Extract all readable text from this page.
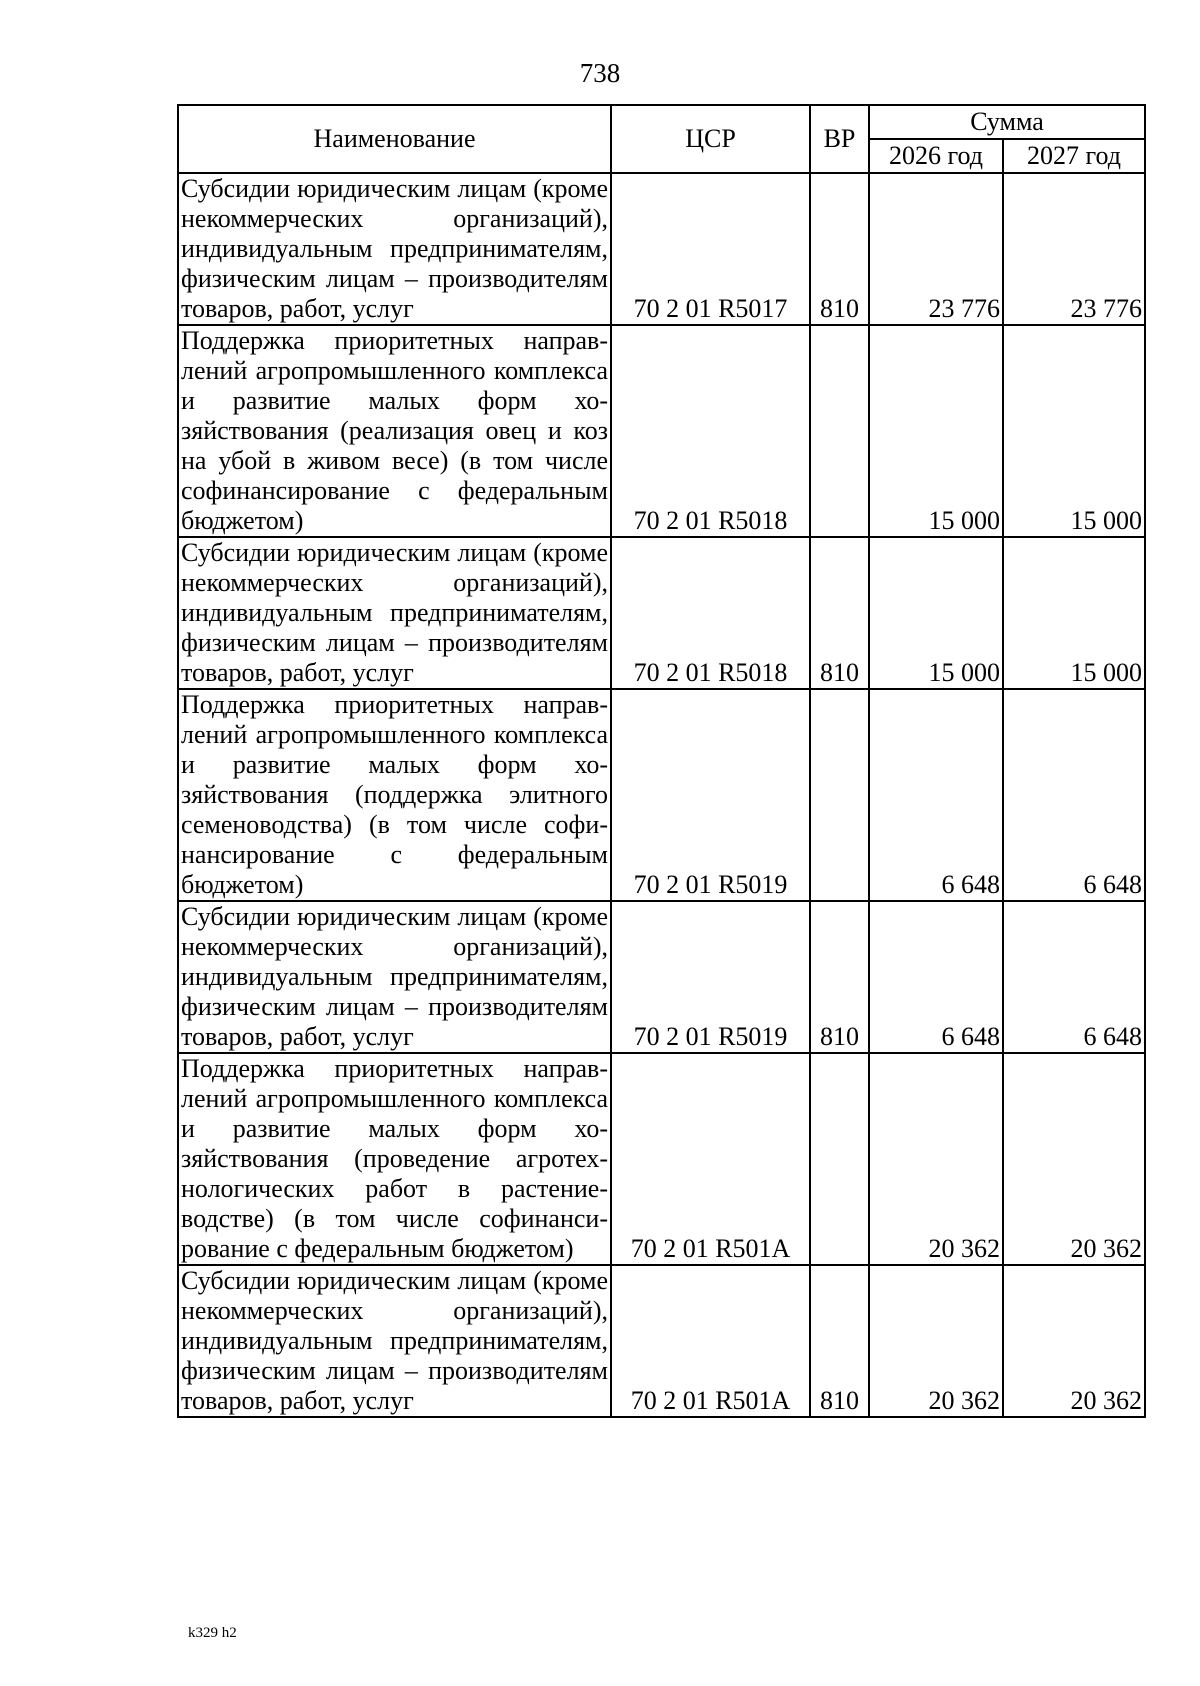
738
Наименование	ЦСР	ВР	Сумма	
			2026 год	2027 год
Субсидии юридическим лицам (кроме некоммерческих организаций), индивидуальным предпринимателям, физическим лицам – производителям товаров, работ, услуг	70 2 01 R5017	810	23 776	23 776
Поддержка приоритетных направлений агропромышленного комплекса и развитие малых форм хозяйствования (реализация овец и коз на убой в живом весе) (в том числе софинансирование с федеральным бюджетом)	70 2 01 R5018		15 000	15 000
Субсидии юридическим лицам (кроме некоммерческих организаций), индивидуальным предпринимателям, физическим лицам – производителям товаров, работ, услуг	70 2 01 R5018	810	15 000	15 000
Поддержка приоритетных направлений агропромышленного комплекса и развитие малых форм хозяйствования (поддержка элитного семеноводства) (в том числе софинансирование с федеральным бюджетом)	70 2 01 R5019		6 648	6 648
Субсидии юридическим лицам (кроме некоммерческих организаций), индивидуальным предпринимателям, физическим лицам – производителям товаров, работ, услуг	70 2 01 R5019	810	6 648	6 648
Поддержка приоритетных направлений агропромышленного комплекса и развитие малых форм хозяйствования (проведение агротехнологических работ в растениеводстве) (в том числе софинансирование с федеральным бюджетом)	70 2 01 R501A		20 362	20 362
Субсидии юридическим лицам (кроме некоммерческих организаций), индивидуальным предпринимателям, физическим лицам – производителям товаров, работ, услуг	70 2 01 R501A	810	20 362	20 362
k329 h2
